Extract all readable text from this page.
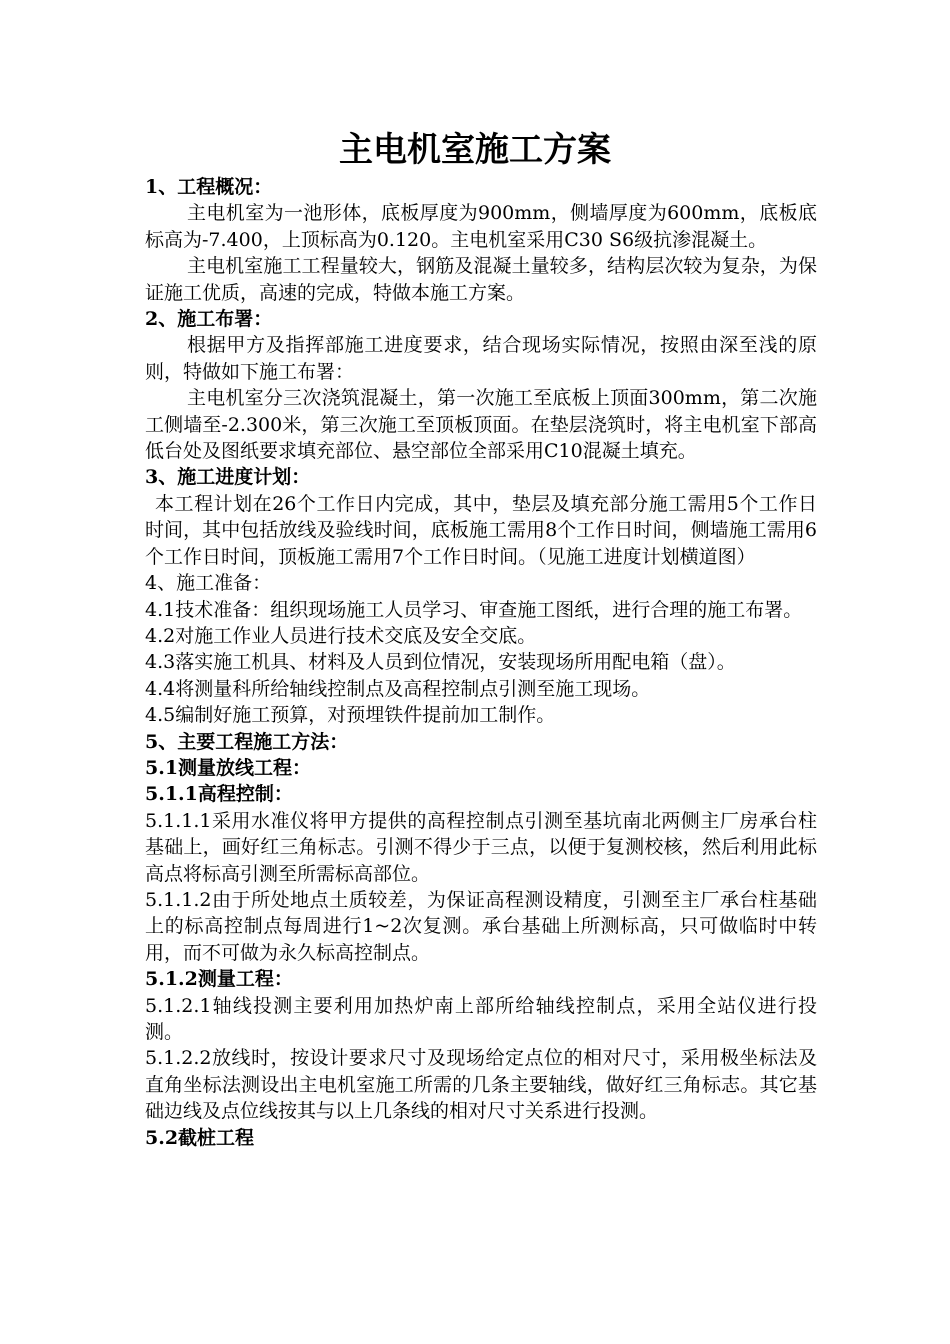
主电机室施工方案

1、工程概况：

主电机室为一池形体，底板厚度为900mm，侧墙厚度为600mm，底板底标高为-7.400，上顶标高为0.120。主电机室采用C30 S6级抗渗混凝土。

主电机室施工工程量较大，钢筋及混凝土量较多，结构层次较为复杂，为保证施工优质，高速的完成，特做本施工方案。

2、施工布署：

根据甲方及指挥部施工进度要求，结合现场实际情况，按照由深至浅的原则，特做如下施工布署：

主电机室分三次浇筑混凝土，第一次施工至底板上顶面300mm，第二次施工侧墙至-2.300米，第三次施工至顶板顶面。在垫层浇筑时，将主电机室下部高低台处及图纸要求填充部位、悬空部位全部采用C10混凝土填充。

3、施工进度计划：

本工程计划在26个工作日内完成，其中，垫层及填充部分施工需用5个工作日时间，其中包括放线及验线时间，底板施工需用8个工作日时间，侧墙施工需用6个工作日时间，顶板施工需用7个工作日时间。（见施工进度计划横道图）

4、施工准备：

4.1技术准备：组织现场施工人员学习、审查施工图纸，进行合理的施工布署。

4.2对施工作业人员进行技术交底及安全交底。

4.3落实施工机具、材料及人员到位情况，安装现场所用配电箱（盘）。

4.4将测量科所给轴线控制点及高程控制点引测至施工现场。

4.5编制好施工预算，对预埋铁件提前加工制作。

5、主要工程施工方法：

5.1测量放线工程：

5.1.1高程控制：

5.1.1.1采用水准仪将甲方提供的高程控制点引测至基坑南北两侧主厂房承台柱基础上，画好红三角标志。引测不得少于三点，以便于复测校核，然后利用此标高点将标高引测至所需标高部位。

5.1.1.2由于所处地点土质较差，为保证高程测设精度，引测至主厂承台柱基础上的标高控制点每周进行1~2次复测。承台基础上所测标高，只可做临时中转用，而不可做为永久标高控制点。

5.1.2测量工程：

5.1.2.1轴线投测主要利用加热炉南上部所给轴线控制点，采用全站仪进行投测。

5.1.2.2放线时，按设计要求尺寸及现场给定点位的相对尺寸，采用极坐标法及直角坐标法测设出主电机室施工所需的几条主要轴线，做好红三角标志。其它基础边线及点位线按其与以上几条线的相对尺寸关系进行投测。

5.2截桩工程
